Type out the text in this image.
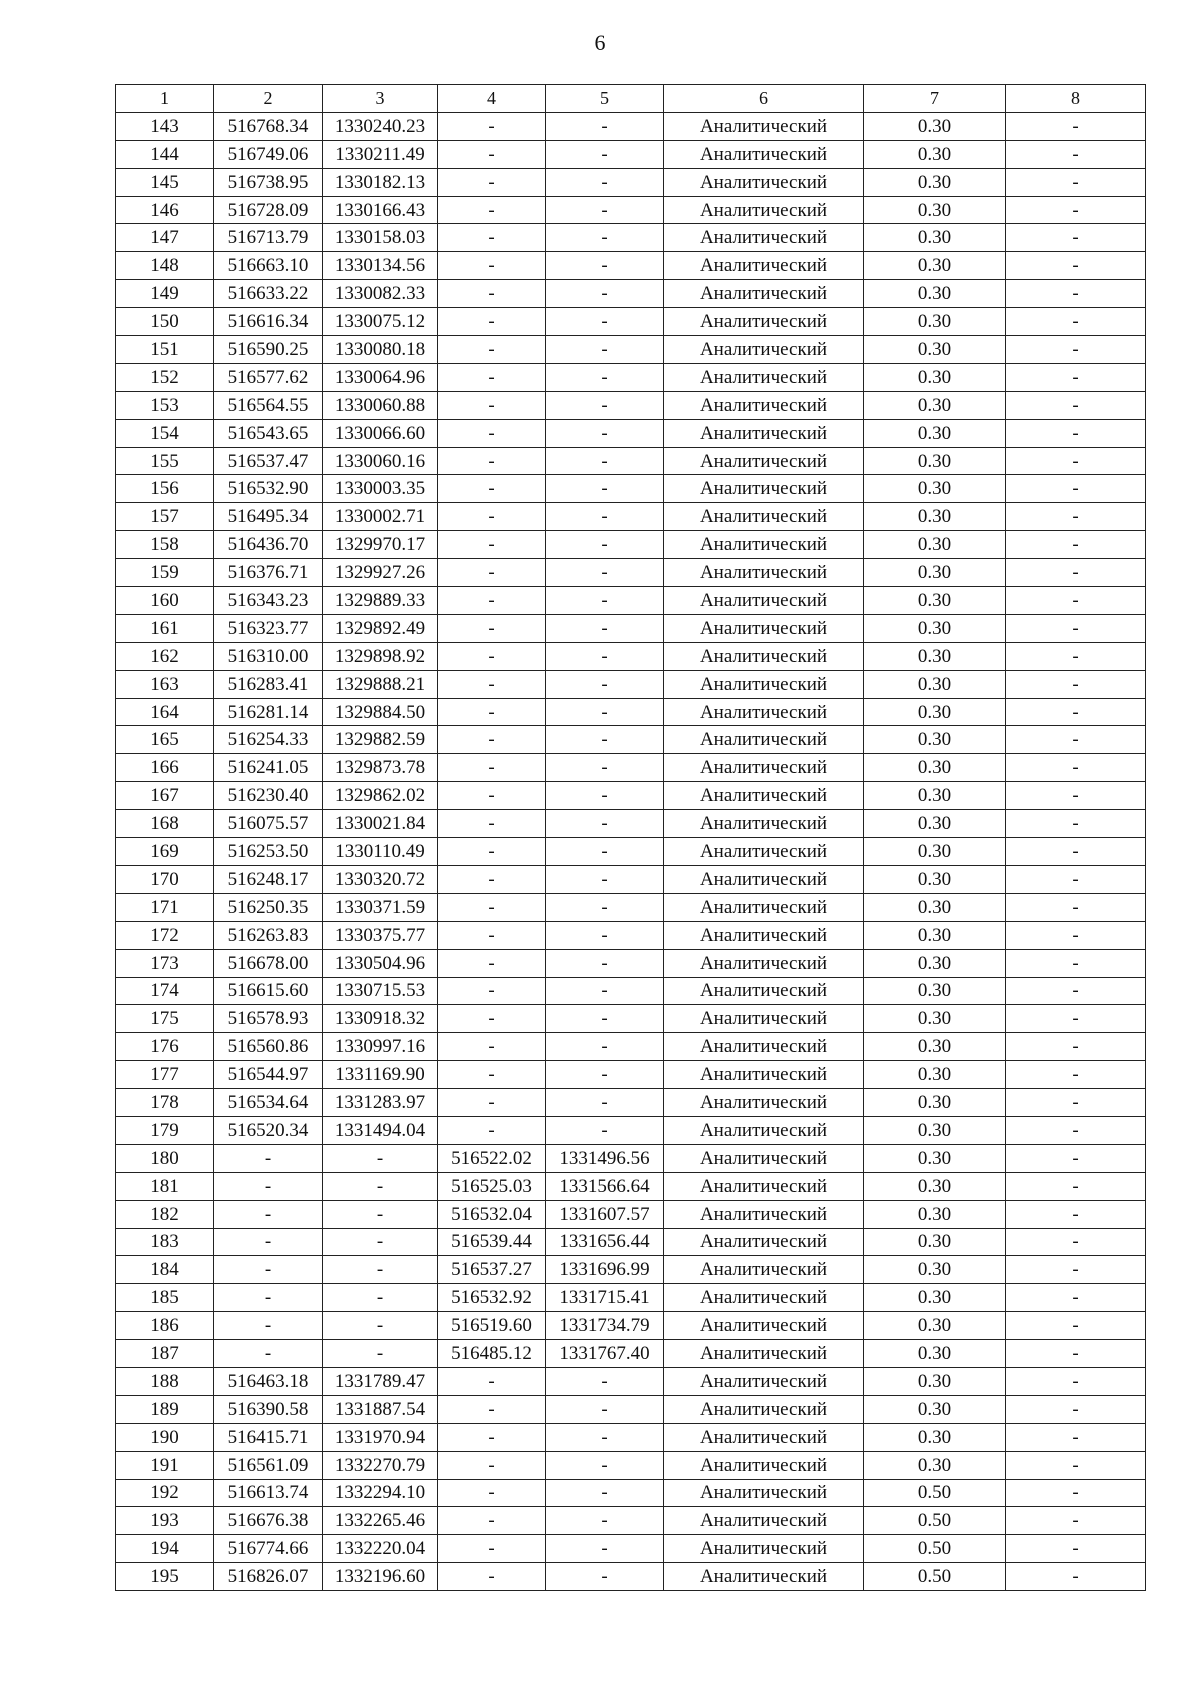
6
1	2	3	4	5	6	7	8
143	516768.34	1330240.23	-	-	Аналитический	0.30	-
144	516749.06	1330211.49	-	-	Аналитический	0.30	-
145	516738.95	1330182.13	-	-	Аналитический	0.30	-
146	516728.09	1330166.43	-	-	Аналитический	0.30	-
147	516713.79	1330158.03	-	-	Аналитический	0.30	-
148	516663.10	1330134.56	-	-	Аналитический	0.30	-
149	516633.22	1330082.33	-	-	Аналитический	0.30	-
150	516616.34	1330075.12	-	-	Аналитический	0.30	-
151	516590.25	1330080.18	-	-	Аналитический	0.30	-
152	516577.62	1330064.96	-	-	Аналитический	0.30	-
153	516564.55	1330060.88	-	-	Аналитический	0.30	-
154	516543.65	1330066.60	-	-	Аналитический	0.30	-
155	516537.47	1330060.16	-	-	Аналитический	0.30	-
156	516532.90	1330003.35	-	-	Аналитический	0.30	-
157	516495.34	1330002.71	-	-	Аналитический	0.30	-
158	516436.70	1329970.17	-	-	Аналитический	0.30	-
159	516376.71	1329927.26	-	-	Аналитический	0.30	-
160	516343.23	1329889.33	-	-	Аналитический	0.30	-
161	516323.77	1329892.49	-	-	Аналитический	0.30	-
162	516310.00	1329898.92	-	-	Аналитический	0.30	-
163	516283.41	1329888.21	-	-	Аналитический	0.30	-
164	516281.14	1329884.50	-	-	Аналитический	0.30	-
165	516254.33	1329882.59	-	-	Аналитический	0.30	-
166	516241.05	1329873.78	-	-	Аналитический	0.30	-
167	516230.40	1329862.02	-	-	Аналитический	0.30	-
168	516075.57	1330021.84	-	-	Аналитический	0.30	-
169	516253.50	1330110.49	-	-	Аналитический	0.30	-
170	516248.17	1330320.72	-	-	Аналитический	0.30	-
171	516250.35	1330371.59	-	-	Аналитический	0.30	-
172	516263.83	1330375.77	-	-	Аналитический	0.30	-
173	516678.00	1330504.96	-	-	Аналитический	0.30	-
174	516615.60	1330715.53	-	-	Аналитический	0.30	-
175	516578.93	1330918.32	-	-	Аналитический	0.30	-
176	516560.86	1330997.16	-	-	Аналитический	0.30	-
177	516544.97	1331169.90	-	-	Аналитический	0.30	-
178	516534.64	1331283.97	-	-	Аналитический	0.30	-
179	516520.34	1331494.04	-	-	Аналитический	0.30	-
180	-	-	516522.02	1331496.56	Аналитический	0.30	-
181	-	-	516525.03	1331566.64	Аналитический	0.30	-
182	-	-	516532.04	1331607.57	Аналитический	0.30	-
183	-	-	516539.44	1331656.44	Аналитический	0.30	-
184	-	-	516537.27	1331696.99	Аналитический	0.30	-
185	-	-	516532.92	1331715.41	Аналитический	0.30	-
186	-	-	516519.60	1331734.79	Аналитический	0.30	-
187	-	-	516485.12	1331767.40	Аналитический	0.30	-
188	516463.18	1331789.47	-	-	Аналитический	0.30	-
189	516390.58	1331887.54	-	-	Аналитический	0.30	-
190	516415.71	1331970.94	-	-	Аналитический	0.30	-
191	516561.09	1332270.79	-	-	Аналитический	0.30	-
192	516613.74	1332294.10	-	-	Аналитический	0.50	-
193	516676.38	1332265.46	-	-	Аналитический	0.50	-
194	516774.66	1332220.04	-	-	Аналитический	0.50	-
195	516826.07	1332196.60	-	-	Аналитический	0.50	-
